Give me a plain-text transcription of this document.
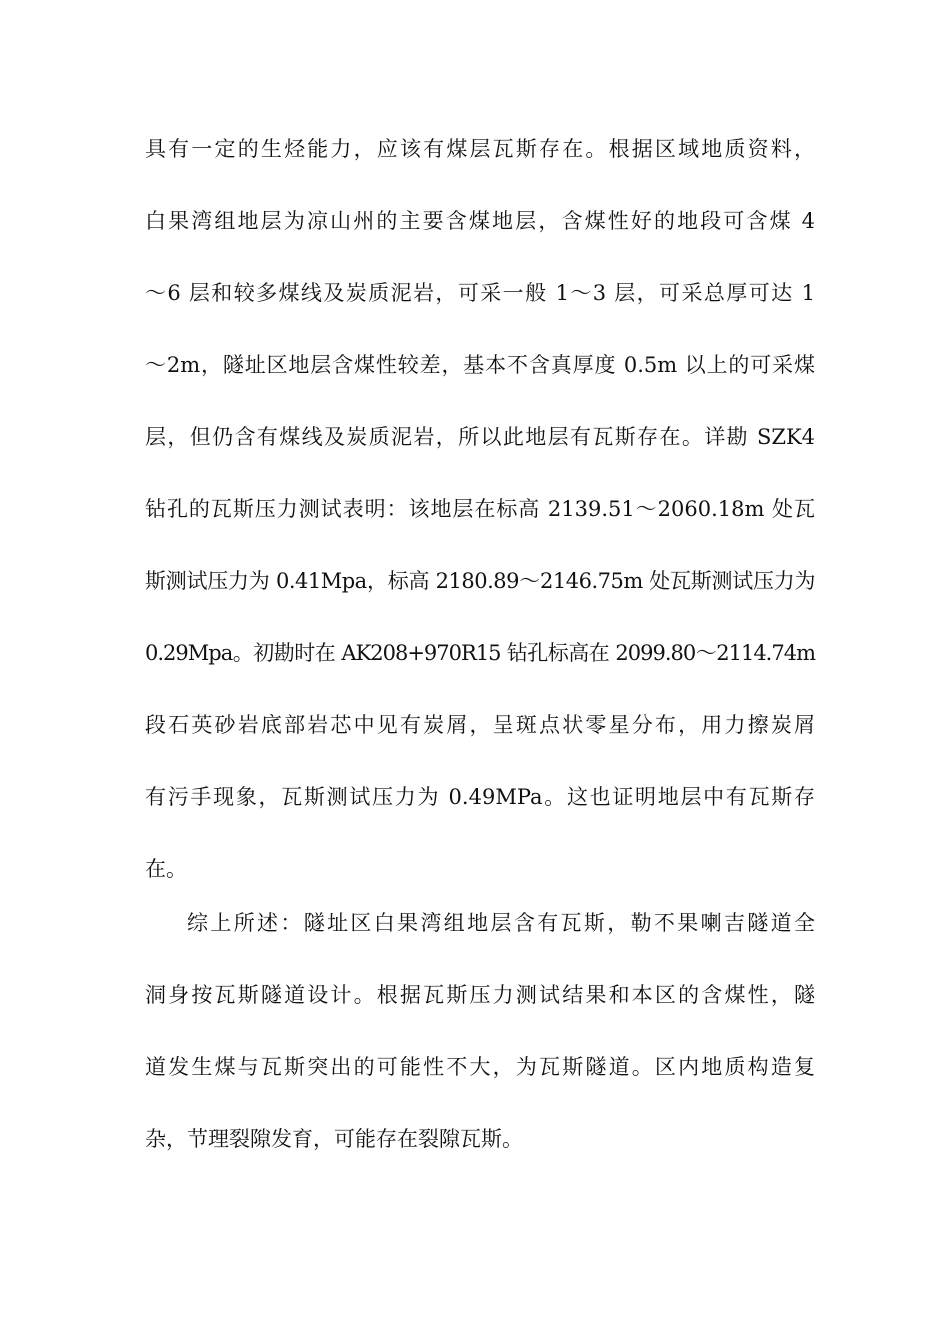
具有一定的生烃能力，应该有煤层瓦斯存在。根据区域地质资料，
白果湾组地层为凉山州的主要含煤地层，含煤性好的地段可含煤 4
～6 层和较多煤线及炭质泥岩，可采一般 1～3 层，可采总厚可达 1
～2m，隧址区地层含煤性较差，基本不含真厚度 0.5m 以上的可采煤
层，但仍含有煤线及炭质泥岩，所以此地层有瓦斯存在。详勘 SZK4
钻孔的瓦斯压力测试表明：该地层在标高 2139.51～2060.18m 处瓦
斯测试压力为 0.41Mpa，标高 2180.89～2146.75m 处瓦斯测试压力为
0.29Mpa。初勘时在 AK208+970R15 钻孔标高在 2099.80～2114.74m
段石英砂岩底部岩芯中见有炭屑，呈斑点状零星分布，用力擦炭屑
有污手现象，瓦斯测试压力为 0.49MPa。这也证明地层中有瓦斯存
在。
综上所述：隧址区白果湾组地层含有瓦斯，勒不果喇吉隧道全
洞身按瓦斯隧道设计。根据瓦斯压力测试结果和本区的含煤性，隧
道发生煤与瓦斯突出的可能性不大，为瓦斯隧道。区内地质构造复
杂，节理裂隙发育，可能存在裂隙瓦斯。
